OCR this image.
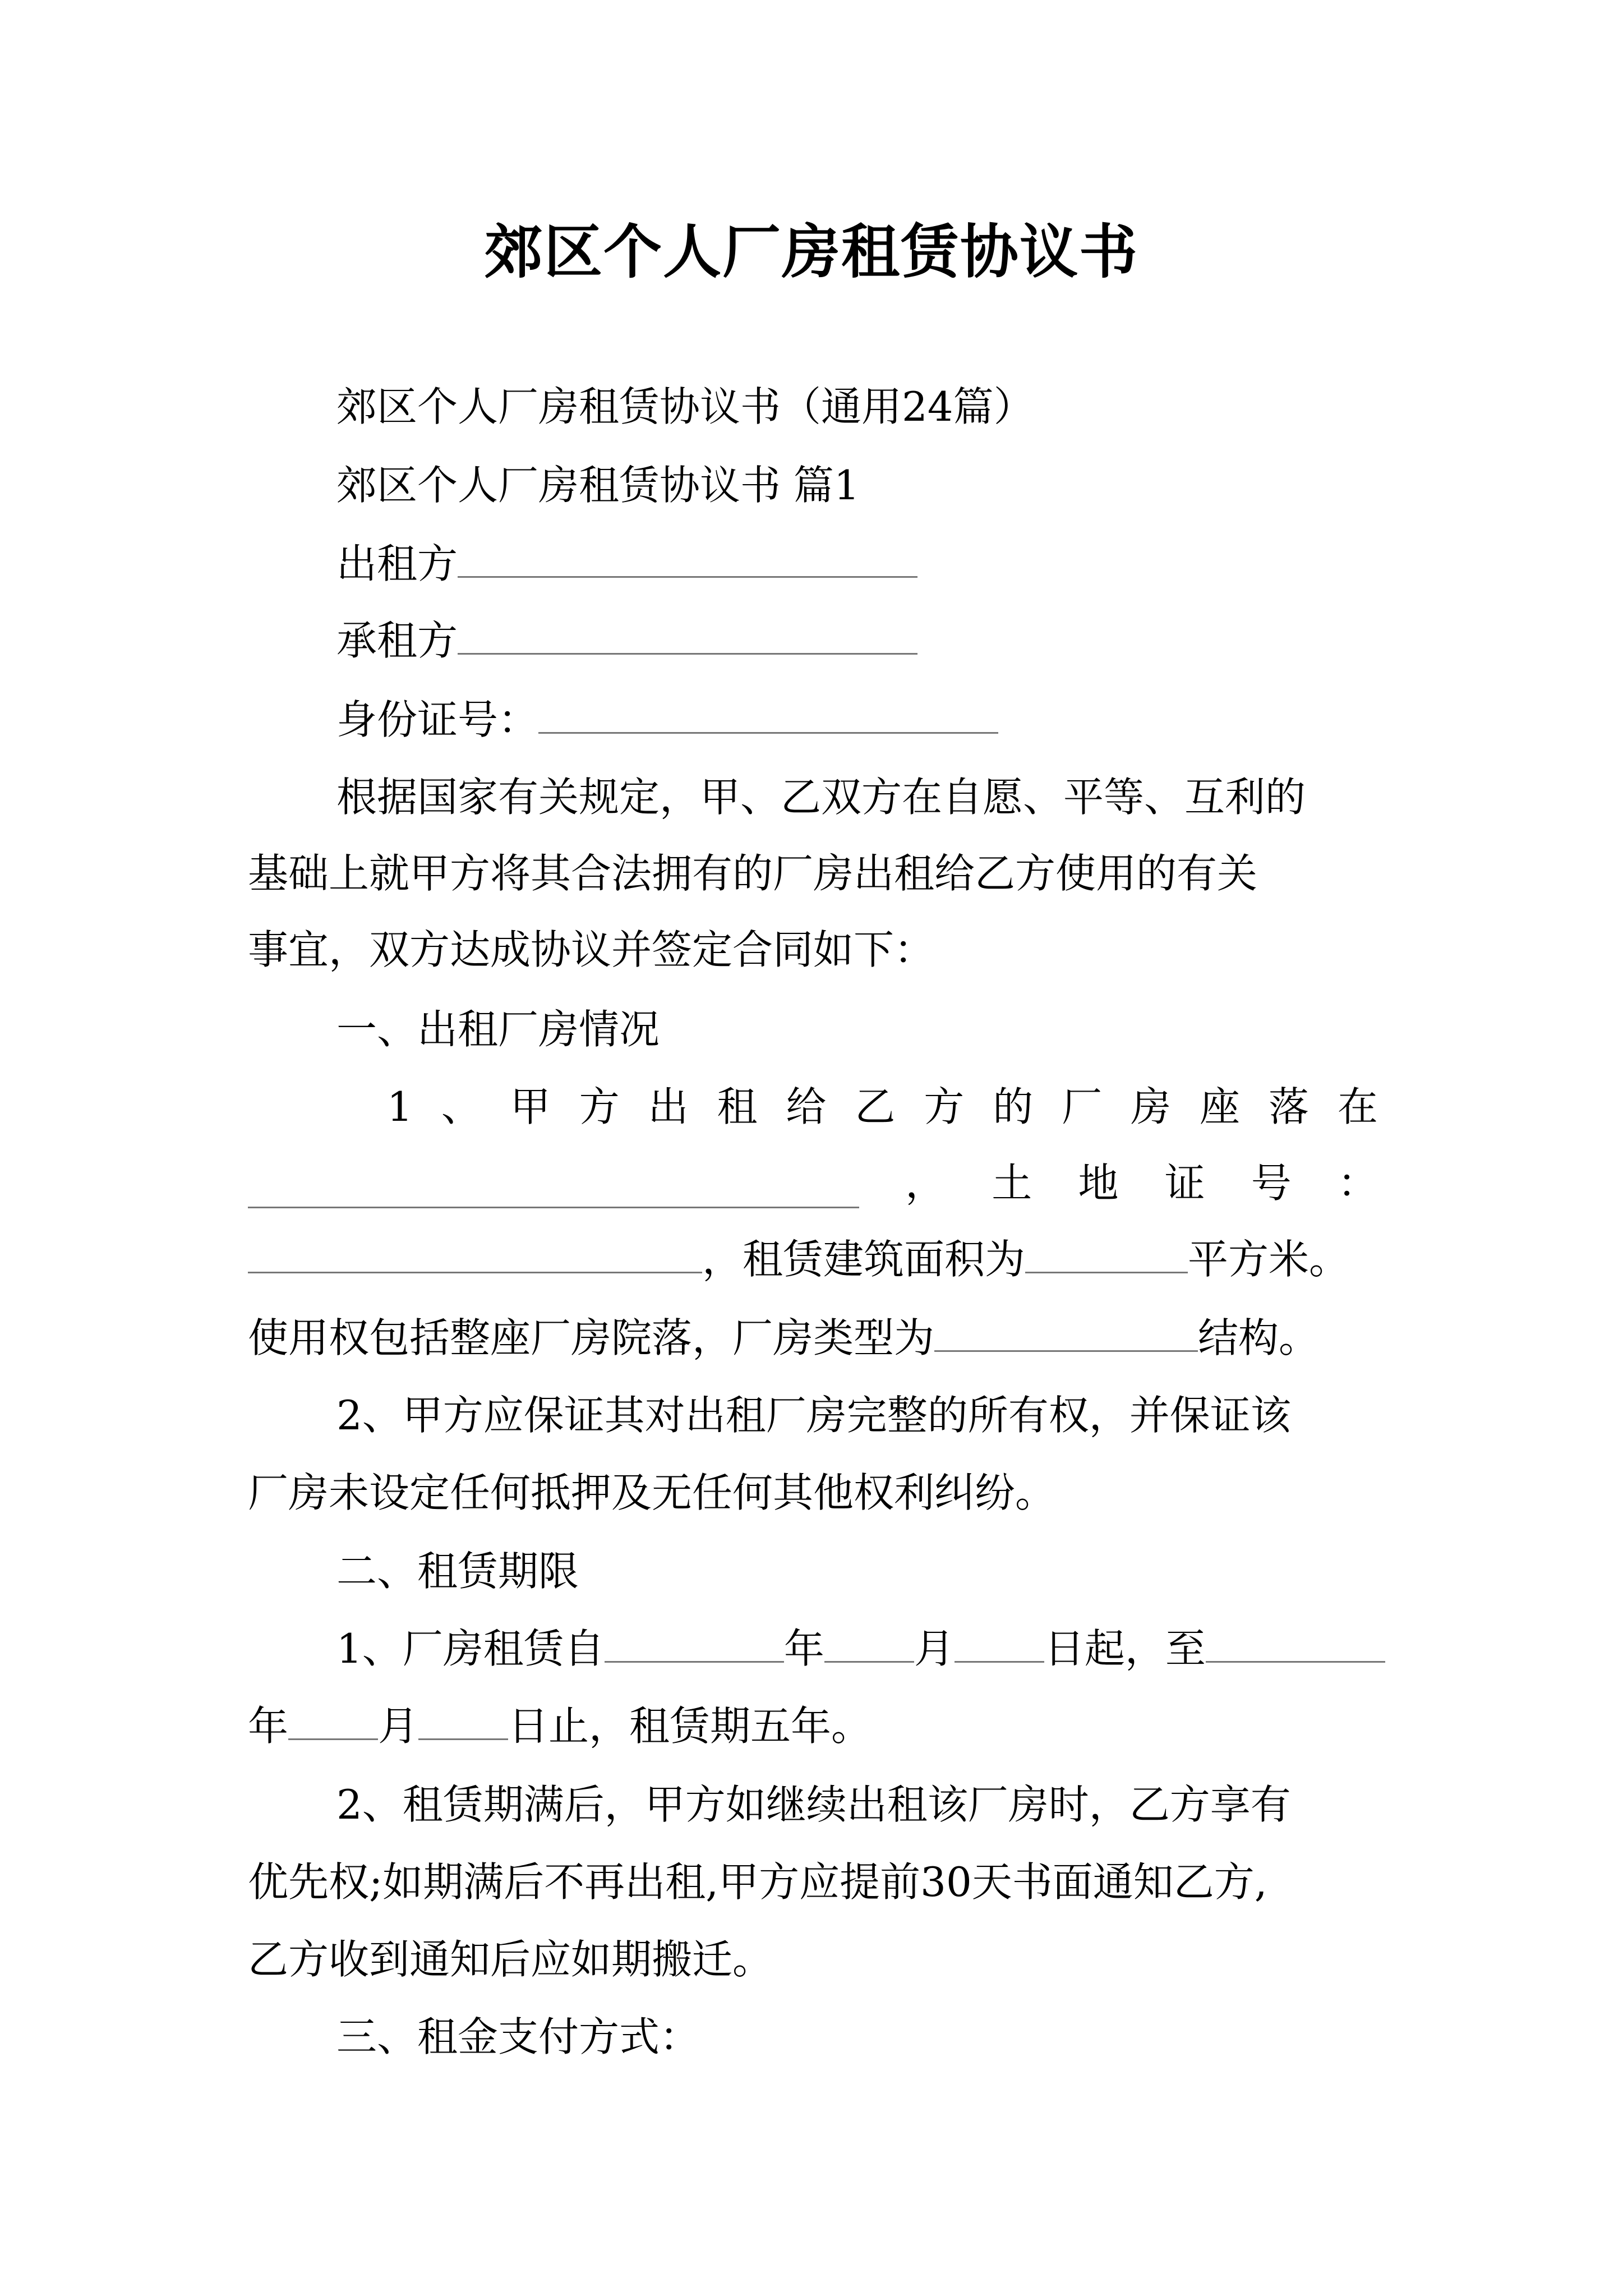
郊区个人厂房租赁协议书
郊区个人厂房租赁协议书（通用24篇）
郊区个人厂房租赁协议书 篇1
出租方
承租方
身份证号：
根据国家有关规定，甲、乙双方在自愿、平等、互利的
基础上就甲方将其合法拥有的厂房出租给乙方使用的有关
事宜，双方达成协议并签定合同如下：
一、出租厂房情况
1 、 甲 方 出 租 给 乙 方 的 厂 房 座 落 在
， 土 地 证 号 ：
，租赁建筑面积为	平方米。
使用权包括整座厂房院落，厂房类型为	结构。
2、甲方应保证其对出租厂房完整的所有权，并保证该
厂房未设定任何抵押及无任何其他权利纠纷。
二、租赁期限
1、厂房租赁自	年 月 日起，至
年 月 日止，租赁期五年。
2、租赁期满后，甲方如继续出租该厂房时，乙方享有
优先权;如期满后不再出租,甲方应提前30天书面通知乙方,
乙方收到通知后应如期搬迁。
三、租金支付方式：
